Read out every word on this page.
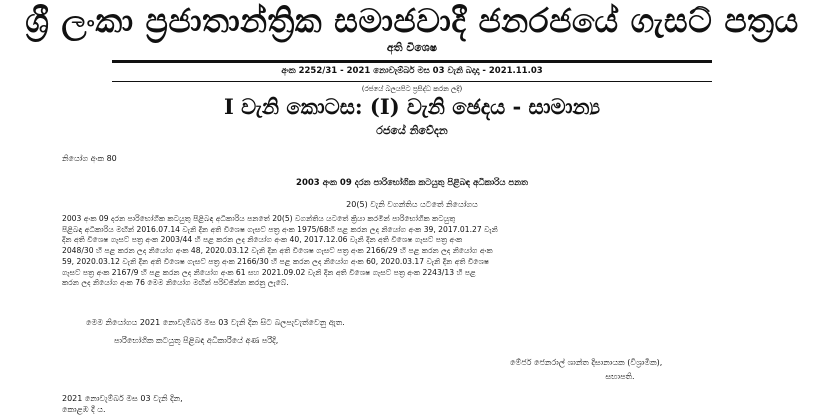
ශ්‍රී ලංකා ප්‍රජාතාන්ත්‍රික සමාජවාදී ජනරජයේ ගැසට් පත්‍රය
අති විශෙෂ
අංක 2252/31 - 2021 නොවැම්බර් මස 03 වැනි බදාදා - 2021.11.03
(රජයේ බලයපිට ප්‍රසිද්ධ කරන ලදි)
I වැනි කොටස: (I) වැනි ඡෙදය - සාමාන්‍ය
රජයේ නිවේදන
නියෝග අංක 80
2003 අංක 09 දරන පාරිභෝගික කටයුතු පිළිබඳ අධිකාරිය පනත
20(5) වැනි වගන්තිය යටතේ නියෝගය
2003 අංක 09 දරන පාරිභෝගික කටයුතු පිළිබඳ අධිකාරිය පනතේ 20(5) වගන්තිය යටතේ ක්‍රියා කරමින් පාරිභෝගික කටයුතු
පිළිබඳ අධිකාරිය මඟින් 2016.07.14 වැනි දින අති විශෙෂ ගැසට් පත්‍ර අංක 1975/68හි පළ කරන ලද නියෝග අංක 39, 2017.01.27 වැනි
දින අති විශෙෂ ගැසට් පත්‍ර අංක 2003/44 හි පළ කරන ලද නියෝග අංක 40, 2017.12.06 වැනි දින අති විශෙෂ ගැසට් පත්‍ර අංක
2048/30 හි පළ කරන ලද නියෝග අංක 48, 2020.03.12 වැනි දින අති විශෙෂ ගැසට් පත්‍ර අංක 2166/29 හි පළ කරන ලද නියෝග අංක
59, 2020.03.12 වැනි දින අති විශෙෂ ගැසට් පත්‍ර අංක 2166/30 හි පළ කරන ලද නියෝග අංක 60, 2020.03.17 වැනි දින අති විශෙෂ
ගැසට් පත්‍ර අංක 2167/9 හි පළ කරන ලද නියෝග අංක 61 සහ 2021.09.02 වැනි දින අති විශෙෂ ගැසට් පත්‍ර අංක 2243/13 හි පළ
කරන ලද නියෝග අංක 76 මෙම නියෝග මඟින් පරිච්ඡින්න කරනු ලැබේ.
මෙම නියෝගය 2021 නොවැම්බර් මස 03 වැනි දින සිට බලපැවැත්වෙනු ඇත.
පාරිභෝගික කටයුතු පිළිබඳ අධිකාරියේ අණ පරිදි,
මේජර් ජෙනරාල් ශාන්ත දිසානායක (විශ්‍රාමික),
සභාපති.
2021 නොවැම්බර් මස 03 වැනි දින,
කොළඹ දී ය.
